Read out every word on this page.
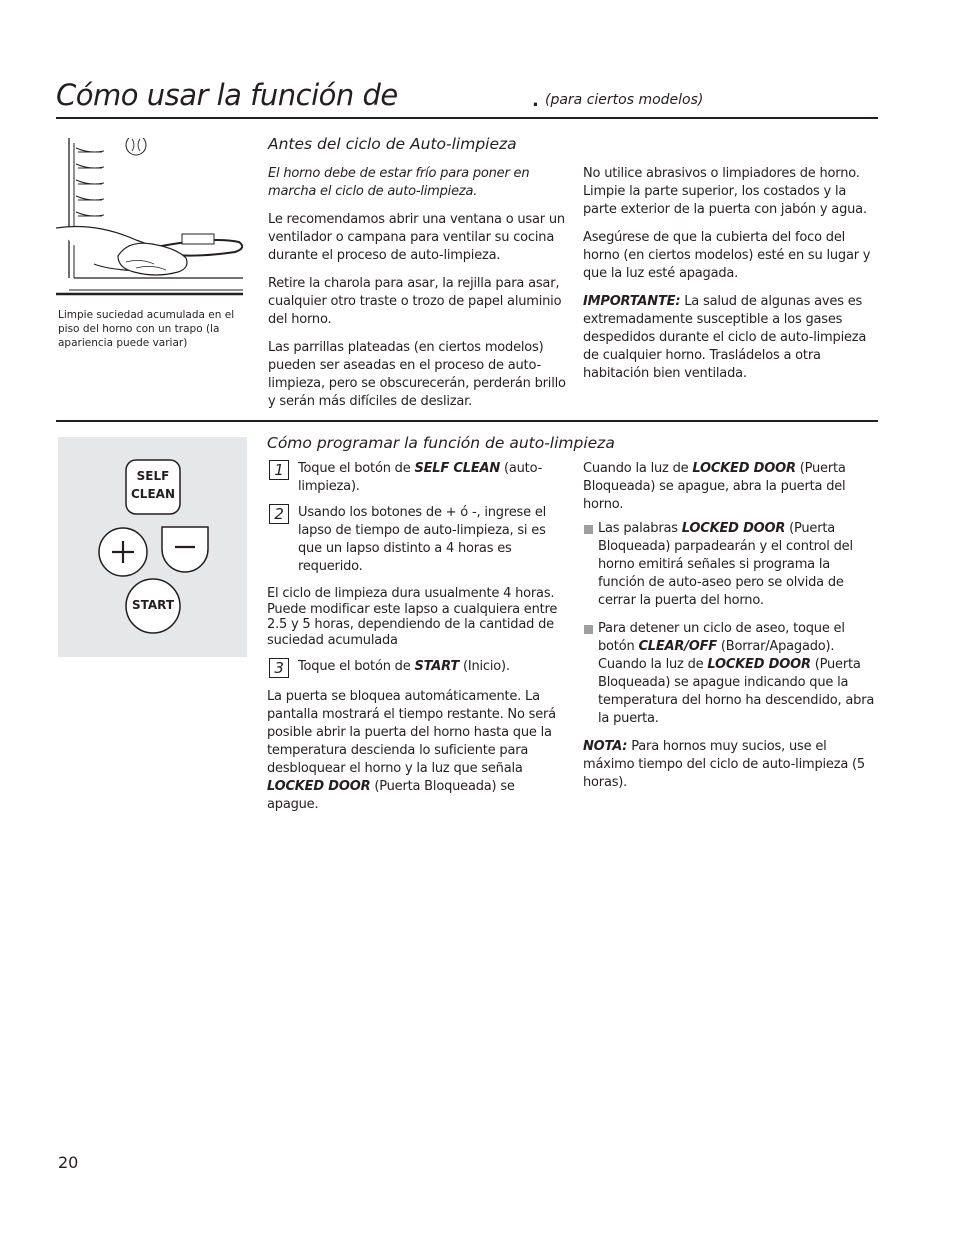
Cómo usar la función de	. (para ciertos modelos)
Limpie suciedad acumulada en el piso del horno con un trapo (la apariencia puede variar)
Antes del ciclo de Auto-limpieza

El horno debe de estar frío para poner en marcha el ciclo de auto-limpieza.

Le recomendamos abrir una ventana o usar un ventilador o campana para ventilar su cocina durante el proceso de auto-limpieza.

Retire la charola para asar, la rejilla para asar, cualquier otro traste o trozo de papel aluminio del horno.

Las parrillas plateadas (en ciertos modelos) pueden ser aseadas en el proceso de auto-limpieza, pero se obscurecerán, perderán brillo y serán más difíciles de deslizar.

No utilice abrasivos o limpiadores de horno. Limpie la parte superior, los costados y la parte exterior de la puerta con jabón y agua.

Asegúrese de que la cubierta del foco del horno (en ciertos modelos) esté en su lugar y que la luz esté apagada.

IMPORTANTE: La salud de algunas aves es extremadamente susceptible a los gases despedidos durante el ciclo de auto-limpieza de cualquier horno. Trasládelos a otra habitación bien ventilada.

SELF
CLEAN
START
Cómo programar la función de auto-limpieza
1	Toque el botón de SELF CLEAN (auto-limpieza).
2	Usando los botones de + ó -, ingrese el lapso de tiempo de auto-limpieza, si es que un lapso distinto a 4 horas es requerido.

El ciclo de limpieza dura usualmente 4 horas. Puede modificar este lapso a cualquiera entre 2.5 y 5 horas, dependiendo de la cantidad de suciedad acumulada

3	Toque el botón de START (Inicio).

La puerta se bloquea automáticamente. La pantalla mostrará el tiempo restante. No será posible abrir la puerta del horno hasta que la temperatura descienda lo suficiente para desbloquear el horno y la luz que señala LOCKED DOOR (Puerta Bloqueada) se apague.

Cuando la luz de LOCKED DOOR (Puerta Bloqueada) se apague, abra la puerta del horno.

Las palabras LOCKED DOOR (Puerta Bloqueada) parpadearán y el control del horno emitirá señales si programa la función de auto-aseo pero se olvida de cerrar la puerta del horno.
Para detener un ciclo de aseo, toque el botón CLEAR/OFF (Borrar/Apagado). Cuando la luz de LOCKED DOOR (Puerta Bloqueada) se apague indicando que la temperatura del horno ha descendido, abra la puerta.

NOTA: Para hornos muy sucios, use el máximo tiempo del ciclo de auto-limpieza (5 horas).

20
